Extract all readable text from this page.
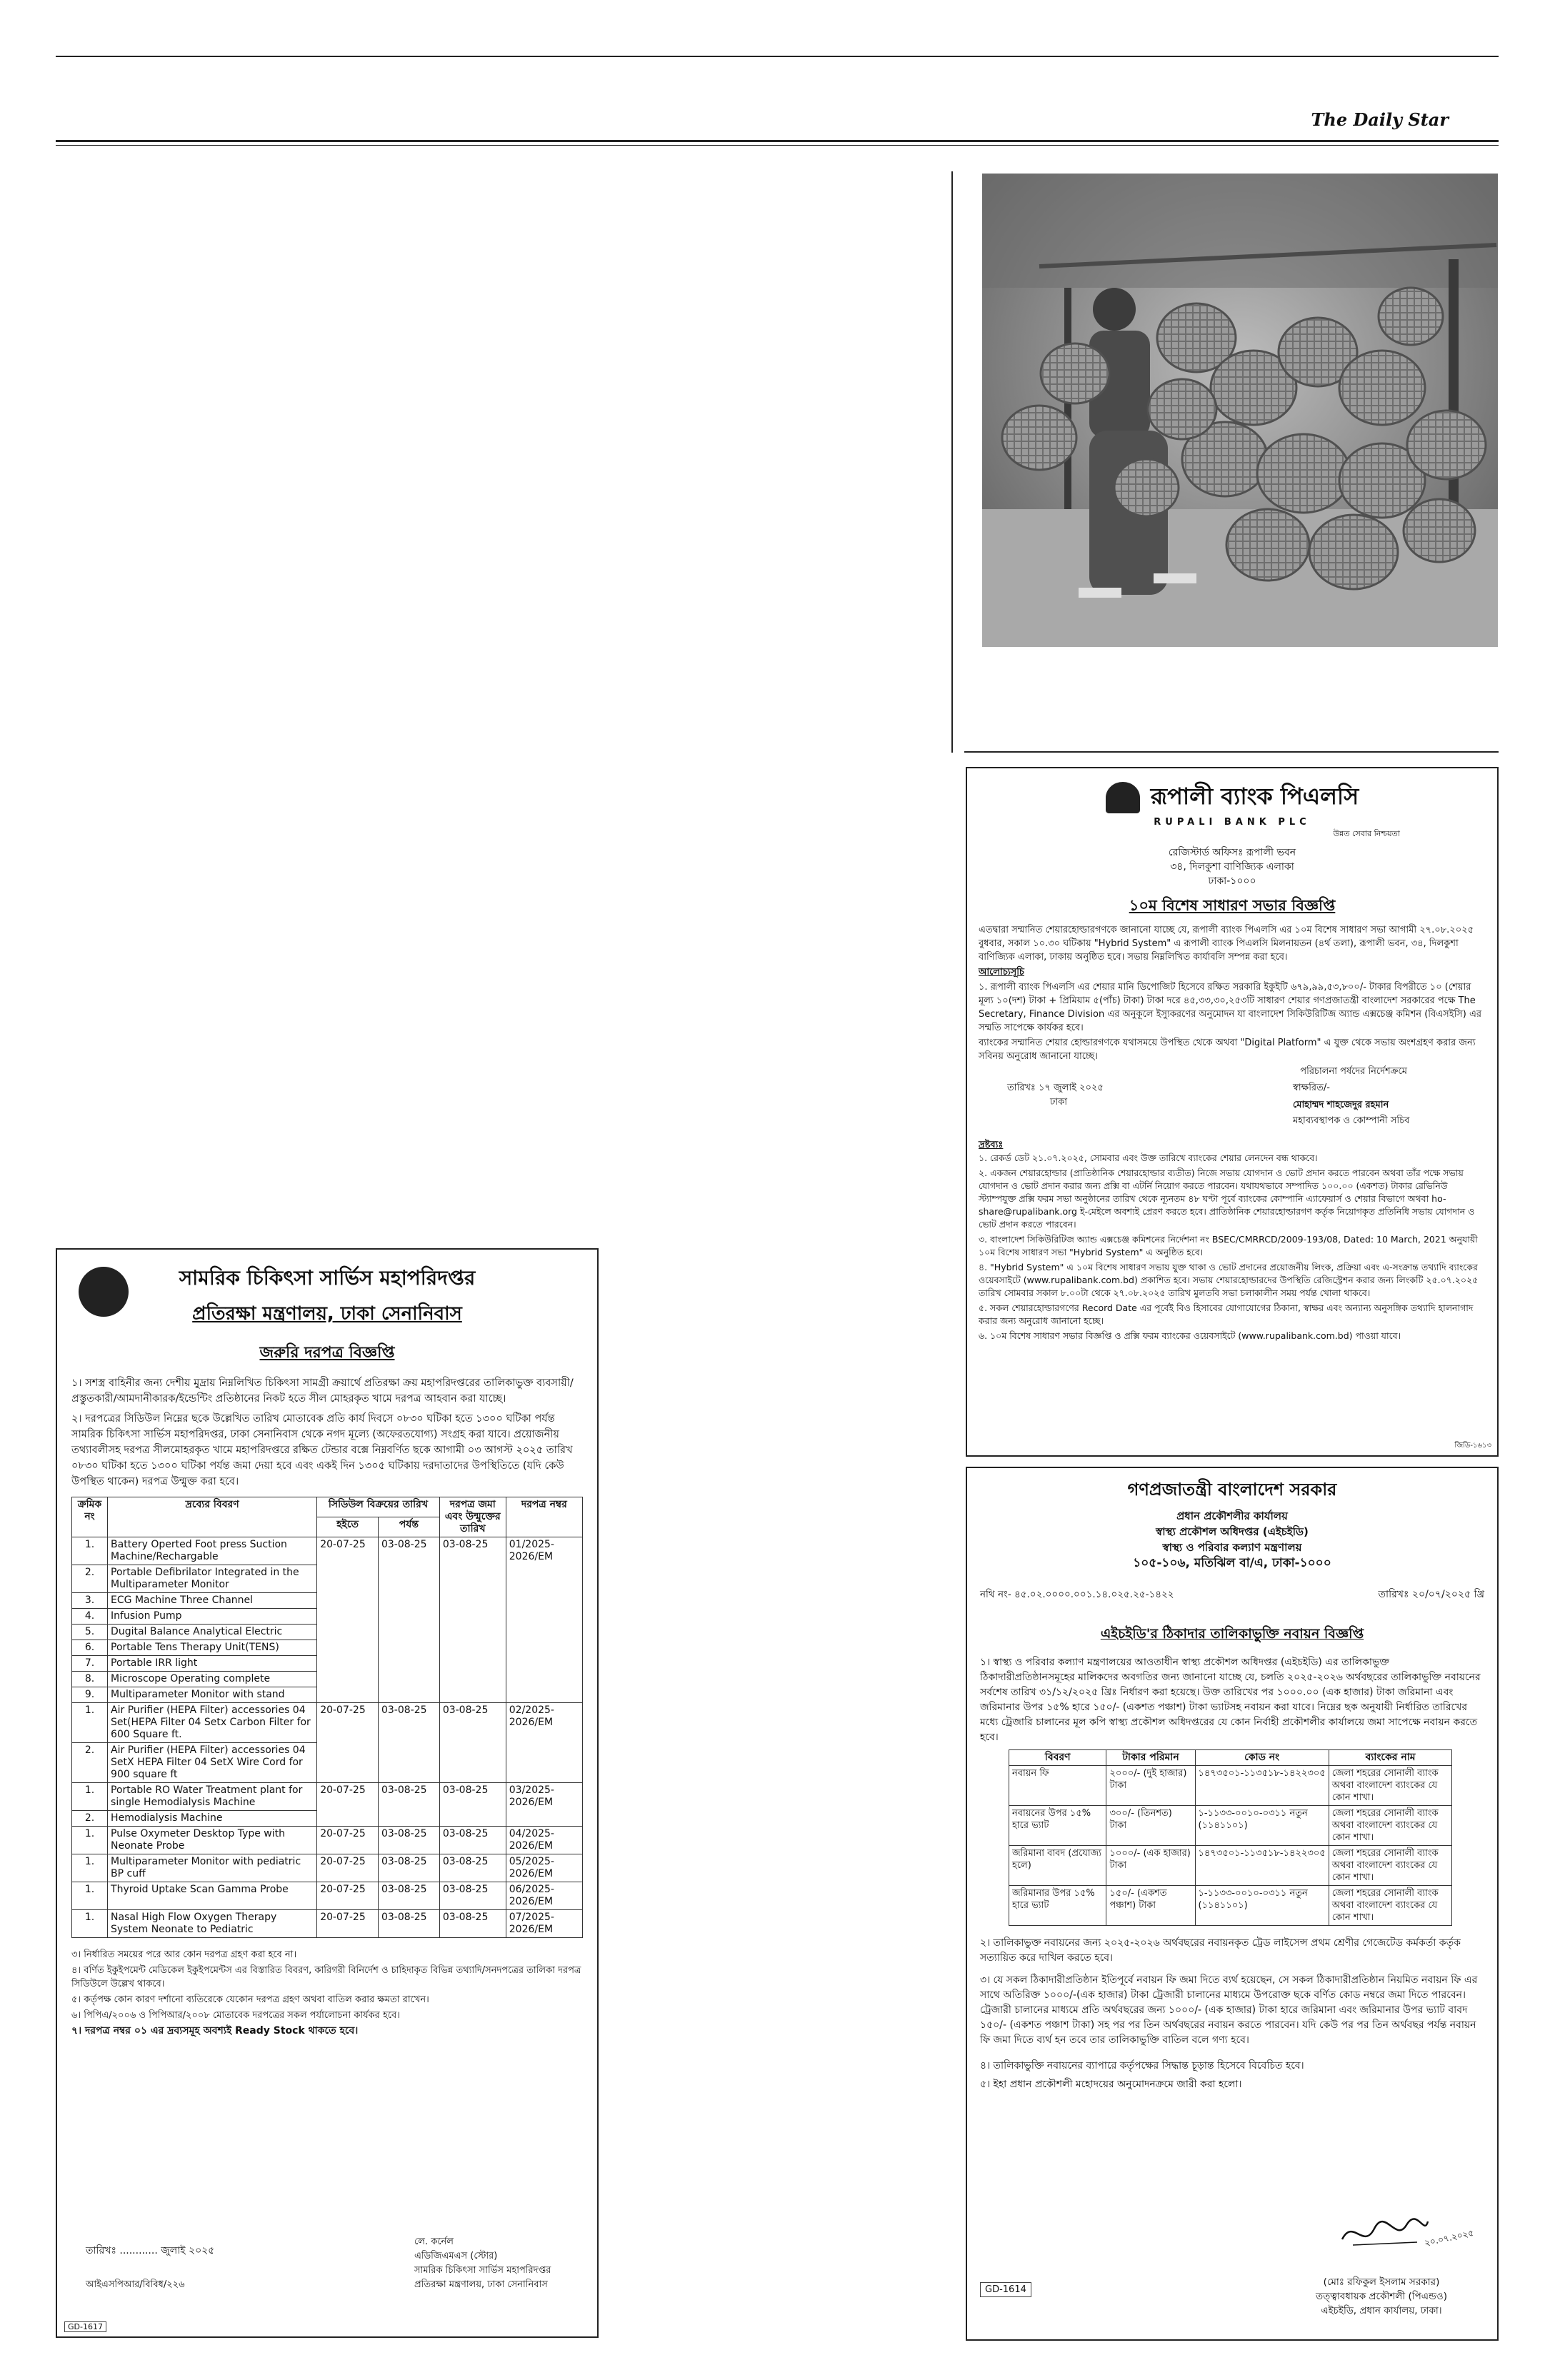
The Daily Star
সামরিক চিকিৎসা সার্ভিস মহাপরিদপ্তর
প্রতিরক্ষা মন্ত্রণালয়, ঢাকা সেনানিবাস
জরুরি দরপত্র বিজ্ঞপ্তি

১। সশস্ত্র বাহিনীর জন্য দেশীয় মুদ্রায় নিম্নলিখিত চিকিৎসা সামগ্রী ক্রয়ার্থে প্রতিরক্ষা ক্রয় মহাপরিদপ্তরের তালিকাভুক্ত ব্যবসায়ী/প্রস্তুতকারী/আমদানীকারক/ইন্ডেন্টিং প্রতিষ্ঠানের নিকট হতে সীল মোহরকৃত খামে দরপত্র আহবান করা যাচ্ছে।

২। দরপত্রের সিডিউল নিম্নের ছকে উল্লেখিত তারিখ মোতাবেক প্রতি কার্য দিবসে ০৮৩০ ঘটিকা হতে ১৩০০ ঘটিকা পর্যন্ত সামরিক চিকিৎসা সার্ভিস মহাপরিদপ্তর, ঢাকা সেনানিবাস থেকে নগদ মূল্যে (অফেরতযোগ্য) সংগ্রহ করা যাবে। প্রয়োজনীয় তথ্যাবলীসহ দরপত্র সীলমোহরকৃত খামে মহাপরিদপ্তরে রক্ষিত টেন্ডার বক্সে নিম্নবর্ণিত ছকে আগামী ০৩ আগস্ট ২০২৫ তারিখ ০৮৩০ ঘটিকা হতে ১৩০০ ঘটিকা পর্যন্ত জমা দেয়া হবে এবং একই দিন ১৩০৫ ঘটিকায় দরদাতাদের উপস্থিতিতে (যদি কেউ উপস্থিত থাকেন) দরপত্র উন্মুক্ত করা হবে।

ক্রমিক নং	দ্রব্যের বিবরণ	সিডিউল বিক্রয়ের তারিখ		দরপত্র জমা এবং উন্মুক্তের তারিখ	দরপত্র নম্বর
		হইতে	পর্যন্ত		
1.	Battery Operted Foot press Suction Machine/Rechargable	20-07-25	03-08-25	03-08-25	01/2025-2026/EM
2.	Portable Defibrilator Integrated in the Multiparameter Monitor				
3.	ECG Machine Three Channel				
4.	Infusion Pump				
5.	Dugital Balance Analytical Electric				
6.	Portable Tens Therapy Unit(TENS)				
7.	Portable IRR light				
8.	Microscope Operating complete				
9.	Multiparameter Monitor with stand				
1.	Air Purifier (HEPA Filter) accessories 04 Set(HEPA Filter 04 Setx Carbon Filter for 600 Square ft.	20-07-25	03-08-25	03-08-25	02/2025-2026/EM
2.	Air Purifier (HEPA Filter) accessories 04 SetX HEPA Filter 04 SetX Wire Cord for 900 square ft				
1.	Portable RO Water Treatment plant for single Hemodialysis Machine	20-07-25	03-08-25	03-08-25	03/2025-2026/EM
2.	Hemodialysis Machine				
1.	Pulse Oxymeter Desktop Type with Neonate Probe	20-07-25	03-08-25	03-08-25	04/2025-2026/EM
1.	Multiparameter Monitor with pediatric BP cuff	20-07-25	03-08-25	03-08-25	05/2025-2026/EM
1.	Thyroid Uptake Scan Gamma Probe	20-07-25	03-08-25	03-08-25	06/2025-2026/EM
1.	Nasal High Flow Oxygen Therapy System Neonate to Pediatric	20-07-25	03-08-25	03-08-25	07/2025-2026/EM

৩। নির্ধারিত সময়ের পরে আর কোন দরপত্র গ্রহণ করা হবে না।

৪। বর্ণিত ইকুইপমেন্ট মেডিকেল ইকুইপমেন্টস এর বিস্তারিত বিবরণ, কারিগরী বিনির্দেশ ও চাহিদাকৃত বিভিন্ন তথ্যাদি/সনদপত্রের তালিকা দরপত্র সিডিউলে উল্লেখ থাকবে।

৫। কর্তৃপক্ষ কোন কারণ দর্শানো ব্যতিরেকে যেকোন দরপত্র গ্রহণ অথবা বাতিল করার ক্ষমতা রাখেন।

৬। পিপিএ/২০০৬ ও পিপিআর/২০০৮ মোতাবেক দরপত্রের সকল পর্যালোচনা কার্যকর হবে।

৭। দরপত্র নম্বর ০১ এর দ্রব্যসমূহ অবশ্যই Ready Stock থাকতে হবে।

তারিখঃ ............ জুলাই ২০২৫
আইএসপিআর/বিবিধ/২২৬
লে. কর্নেল
এডিজিএমএস (স্টোর)
সামরিক চিকিৎসা সার্ভিস মহাপরিদপ্তর
প্রতিরক্ষা মন্ত্রণালয়, ঢাকা সেনানিবাস
GD-1617
রূপালী ব্যাংক পিএলসি
RUPALI BANK PLC
উন্নত সেবার নিশ্চয়তা
রেজিস্টার্ড অফিসঃ রূপালী ভবন
৩৪, দিলকুশা বাণিজ্যিক এলাকা
ঢাকা-১০০০
১০ম বিশেষ সাধারণ সভার বিজ্ঞপ্তি

এতদ্বারা সম্মানিত শেয়ারহোল্ডারগণকে জানানো যাচ্ছে যে, রূপালী ব্যাংক পিএলসি এর ১০ম বিশেষ সাধারণ সভা আগামী ২৭.০৮.২০২৫ বুধবার, সকাল ১০.৩০ ঘটিকায় "Hybrid System" এ রূপালী ব্যাংক পিএলসি মিলনায়তন (৪র্থ তলা), রূপালী ভবন, ৩৪, দিলকুশা বাণিজ্যিক এলাকা, ঢাকায় অনুষ্ঠিত হবে। সভায় নিম্নলিখিত কার্যাবলি সম্পন্ন করা হবে।

আলোচ্যসূচি

১. রূপালী ব্যাংক পিএলসি এর শেয়ার মানি ডিপোজিট হিসেবে রক্ষিত সরকারি ইকুইটি ৬৭৯,৯৯,৫৩,৮০০/- টাকার বিপরীতে ১০ (শেয়ার মূল্য ১০(দশ) টাকা + প্রিমিয়াম ৫(পাঁচ) টাকা) টাকা দরে ৪৫,৩৩,৩০,২৫৩টি সাধারণ শেয়ার গণপ্রজাতন্ত্রী বাংলাদেশ সরকারের পক্ষে The Secretary, Finance Division এর অনুকূলে ইস্যুকরণের অনুমোদন যা বাংলাদেশ সিকিউরিটিজ অ্যান্ড এক্সচেঞ্জ কমিশন (বিএসইসি) এর সম্মতি সাপেক্ষে কার্যকর হবে।

ব্যাংকের সম্মানিত শেয়ার হোল্ডারগণকে যথাসময়ে উপস্থিত থেকে অথবা "Digital Platform" এ যুক্ত থেকে সভায় অংশগ্রহণ করার জন্য সবিনয় অনুরোধ জানানো যাচ্ছে।

পরিচালনা পর্ষদের নির্দেশক্রমে
তারিখঃ ১৭ জুলাই ২০২৫
ঢাকা
স্বাক্ষরিত/-
মোহাম্মদ শাহজেদুর রহমান
মহাব্যবস্থাপক ও কোম্পানী সচিব
দ্রষ্টব্যঃ

১. রেকর্ড ডেট ২১.০৭.২০২৫, সোমবার এবং উক্ত তারিখে ব্যাংকের শেয়ার লেনদেন বন্ধ থাকবে।

২. একজন শেয়ারহোল্ডার (প্রাতিষ্ঠানিক শেয়ারহোল্ডার ব্যতীত) নিজে সভায় যোগদান ও ভোট প্রদান করতে পারবেন অথবা তাঁর পক্ষে সভায় যোগদান ও ভোট প্রদান করার জন্য প্রক্সি বা এটর্নি নিয়োগ করতে পারবেন। যথাযথভাবে সম্পাদিত ১০০.০০ (একশত) টাকার রেভিনিউ স্ট্যাম্পযুক্ত প্রক্সি ফরম সভা অনুষ্ঠানের তারিখ থেকে ন্যূনতম ৪৮ ঘণ্টা পূর্বে ব্যাংকের কোম্পানি এ্যাফেয়ার্স ও শেয়ার বিভাগে অথবা ho-share@rupalibank.org ই-মেইলে অবশ্যই প্রেরণ করতে হবে। প্রাতিষ্ঠানিক শেয়ারহোল্ডারগণ কর্তৃক নিয়োগকৃত প্রতিনিধি সভায় যোগদান ও ভোট প্রদান করতে পারবেন।

৩. বাংলাদেশ সিকিউরিটিজ অ্যান্ড এক্সচেঞ্জ কমিশনের নির্দেশনা নং BSEC/CMRRCD/2009-193/08, Dated: 10 March, 2021 অনুযায়ী ১০ম বিশেষ সাধারণ সভা "Hybrid System" এ অনুষ্ঠিত হবে।

৪. "Hybrid System" এ ১০ম বিশেষ সাধারণ সভায় যুক্ত থাকা ও ভোট প্রদানের প্রয়োজনীয় লিংক, প্রক্রিয়া এবং এ-সংক্রান্ত তথ্যাদি ব্যাংকের ওয়েবসাইটে (www.rupalibank.com.bd) প্রকাশিত হবে। সভায় শেয়ারহোল্ডারদের উপস্থিতি রেজিস্ট্রেশন করার জন্য লিংকটি ২৫.০৭.২০২৫ তারিখ সোমবার সকাল ৮.০০টা থেকে ২৭.০৮.২০২৫ তারিখ মুলতবি সভা চলাকালীন সময় পর্যন্ত খোলা থাকবে।

৫. সকল শেয়ারহোল্ডারগণের Record Date এর পূর্বেই বিও হিসাবের যোগাযোগের ঠিকানা, স্বাক্ষর এবং অন্যান্য অনুসঙ্গিক তথ্যাদি হালনাগাদ করার জন্য অনুরোধ জানানো হচ্ছে।

৬. ১০ম বিশেষ সাধারণ সভার বিজ্ঞপ্তি ও প্রক্সি ফরম ব্যাংকের ওয়েবসাইটে (www.rupalibank.com.bd) পাওয়া যাবে।

জিডি-১৬১৩
গণপ্রজাতন্ত্রী বাংলাদেশ সরকার
প্রধান প্রকৌশলীর কার্যালয়
স্বাস্থ্য প্রকৌশল অধিদপ্তর (এইচইডি)
স্বাস্থ্য ও পরিবার কল্যাণ মন্ত্রণালয়
১০৫-১০৬, মতিঝিল বা/এ, ঢাকা-১০০০
নথি নং- ৪৫.০২.০০০০.০০১.১৪.০২৫.২৫-১৪২২	তারিখঃ ২০/০৭/২০২৫ খ্রি
এইচইডি'র ঠিকাদার তালিকাভুক্তি নবায়ন বিজ্ঞপ্তি

১। স্বাস্থ্য ও পরিবার কল্যাণ মন্ত্রণালয়ের আওতাধীন স্বাস্থ্য প্রকৌশল অধিদপ্তর (এইচইডি) এর তালিকাভুক্ত ঠিকাদারীপ্রতিষ্ঠানসমূহের মালিকদের অবগতির জন্য জানানো যাচ্ছে যে, চলতি ২০২৫-২০২৬ অর্থবছরের তালিকাভুক্তি নবায়নের সর্বশেষ তারিখ ৩১/১২/২০২৫ খ্রিঃ নির্ধারণ করা হয়েছে। উক্ত তারিখের পর ১০০০.০০ (এক হাজার) টাকা জরিমানা এবং জরিমানার উপর ১৫% হারে ১৫০/- (একশত পঞ্চাশ) টাকা ভ্যাটসহ নবায়ন করা যাবে। নিম্নের ছক অনুযায়ী নির্ধারিত তারিখের মধ্যে ট্রেজারি চালানের মূল কপি স্বাস্থ্য প্রকৌশল অধিদপ্তরের যে কোন নির্বাহী প্রকৌশলীর কার্যালয়ে জমা সাপেক্ষে নবায়ন করতে হবে।

বিবরণ	টাকার পরিমান	কোড নং	ব্যাংকের নাম
নবায়ন ফি	২০০০/- (দুই হাজার) টাকা	১৪৭৩৫০১-১১৩৫১৮-১৪২২৩০৫	জেলা শহরের সোনালী ব্যাংক অথবা বাংলাদেশ ব্যাংকের যে কোন শাখা।
নবায়নের উপর ১৫% হারে ভ্যাট	৩০০/- (তিনশত) টাকা	১-১১৩৩-০০১০-০৩১১ নতুন (১১৪১১০১)	জেলা শহরের সোনালী ব্যাংক অথবা বাংলাদেশ ব্যাংকের যে কোন শাখা।
জরিমানা বাবদ (প্রযোজ্য হলে)	১০০০/- (এক হাজার) টাকা	১৪৭৩৫০১-১১৩৫১৮-১৪২২৩০৫	জেলা শহরের সোনালী ব্যাংক অথবা বাংলাদেশ ব্যাংকের যে কোন শাখা।
জরিমানার উপর ১৫% হারে ভ্যাট	১৫০/- (একশত পঞ্চাশ) টাকা	১-১১৩৩-০০১০-০৩১১ নতুন (১১৪১১০১)	জেলা শহরের সোনালী ব্যাংক অথবা বাংলাদেশ ব্যাংকের যে কোন শাখা।

২। তালিকাভুক্ত নবায়নের জন্য ২০২৫-২০২৬ অর্থবছরের নবায়নকৃত ট্রেড লাইসেন্স প্রথম শ্রেণীর গেজেটেড কর্মকর্তা কর্তৃক সত্যায়িত করে দাখিল করতে হবে।

৩। যে সকল ঠিকাদারীপ্রতিষ্ঠান ইতিপূর্বে নবায়ন ফি জমা দিতে ব্যর্থ হয়েছেন, সে সকল ঠিকাদারীপ্রতিষ্ঠান নিয়মিত নবায়ন ফি এর সাথে অতিরিক্ত ১০০০/-(এক হাজার) টাকা ট্রেজারী চালানের মাধ্যমে উপরোক্ত ছকে বর্ণিত কোড নম্বরে জমা দিতে পারবেন। ট্রেজারী চালানের মাধ্যমে প্রতি অর্থবছরের জন্য ১০০০/- (এক হাজার) টাকা হারে জরিমানা এবং জরিমানার উপর ভ্যাট বাবদ ১৫০/- (একশত পঞ্চাশ টাকা) সহ পর পর তিন অর্থবছরের নবায়ন করতে পারবেন। যদি কেউ পর পর তিন অর্থবছর পর্যন্ত নবায়ন ফি জমা দিতে ব্যর্থ হন তবে তার তালিকাভুক্তি বাতিল বলে গণ্য হবে।

৪। তালিকাভুক্তি নবায়নের ব্যাপারে কর্তৃপক্ষের সিদ্ধান্ত চূড়ান্ত হিসেবে বিবেচিত হবে।

৫। ইহা প্রধান প্রকৌশলী মহোদয়ের অনুমোদনক্রমে জারী করা হলো।

২০.০৭.২০২৫
(মোঃ রফিকুল ইসলাম সরকার)
তত্ত্বাবধায়ক প্রকৌশলী (পিএন্ডও)
এইচইডি, প্রধান কার্যালয়, ঢাকা।
GD-1614
